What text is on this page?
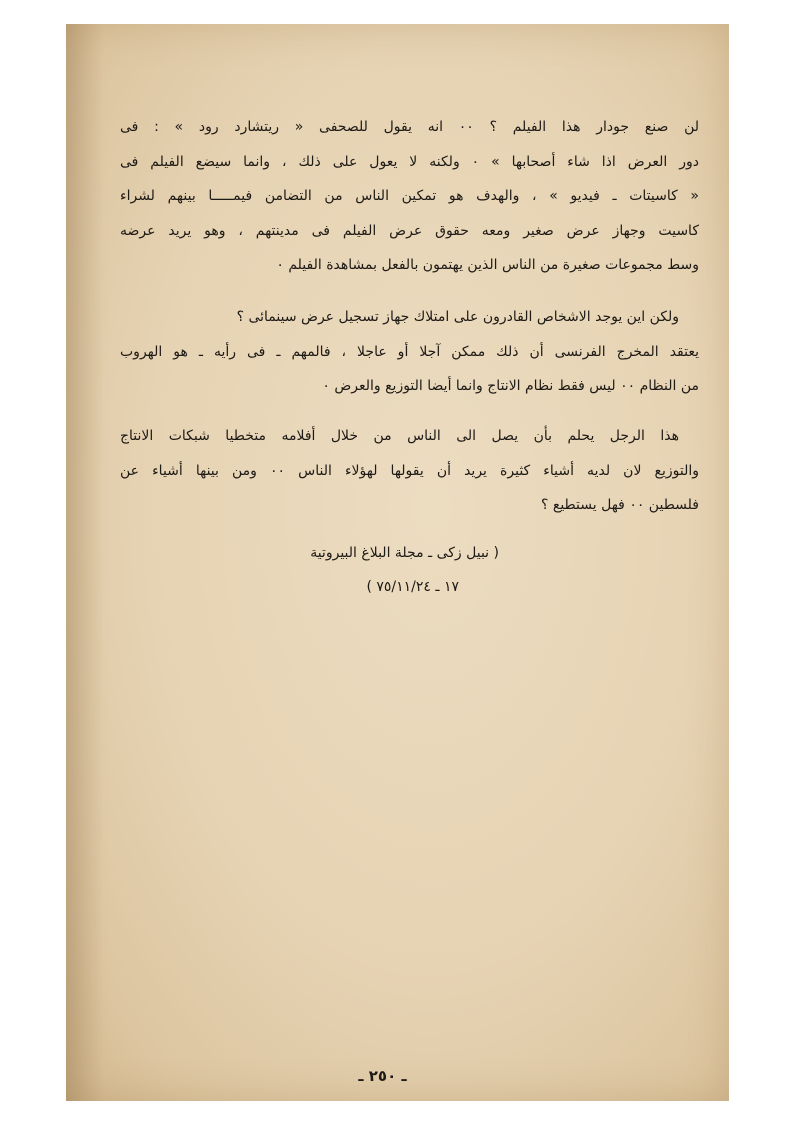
لن صنع جودار هذا الفيلم ؟ ٠٠ انه يقول للصحفى « ريتشارد رود » : فى
دور العرض اذا شاء أصحابها » ٠ ولكنه لا يعول على ذلك ، وانما سيضع الفيلم فى
« كاسيتات ـ فيديو » ، والهدف هو تمكين الناس من التضامن فيمـــــا بينهم لشراء
كاسيت وجهاز عرض صغير ومعه حقوق عرض الفيلم فى مدينتهم ، وهو يريد عرضه
وسط مجموعات صغيرة من الناس الذين يهتمون بالفعل بمشاهدة الفيلم ٠
ولكن اين يوجد الاشخاص القادرون على امتلاك جهاز تسجيل عرض سينمائى ؟
يعتقد المخرج الفرنسى أن ذلك ممكن آجلا أو عاجلا ، فالمهم ـ فى رأيه ـ هو الهروب
من النظام ٠٠ ليس فقط نظام الانتاج وانما أيضا التوزيع والعرض ٠
هذا الرجل يحلم بأن يصل الى الناس من خلال أفلامه متخطيا شبكات الانتاج
والتوزيع لان لديه أشياء كثيرة يريد أن يقولها لهؤلاء الناس ٠٠ ومن بينها أشياء عن
فلسطين ٠٠ فهل يستطيع ؟
( نبيل زكى ـ مجلة البلاغ البيروتية
١٧ ـ ٧٥/١١/٢٤ )
ـ ٢٥٠ ـ
